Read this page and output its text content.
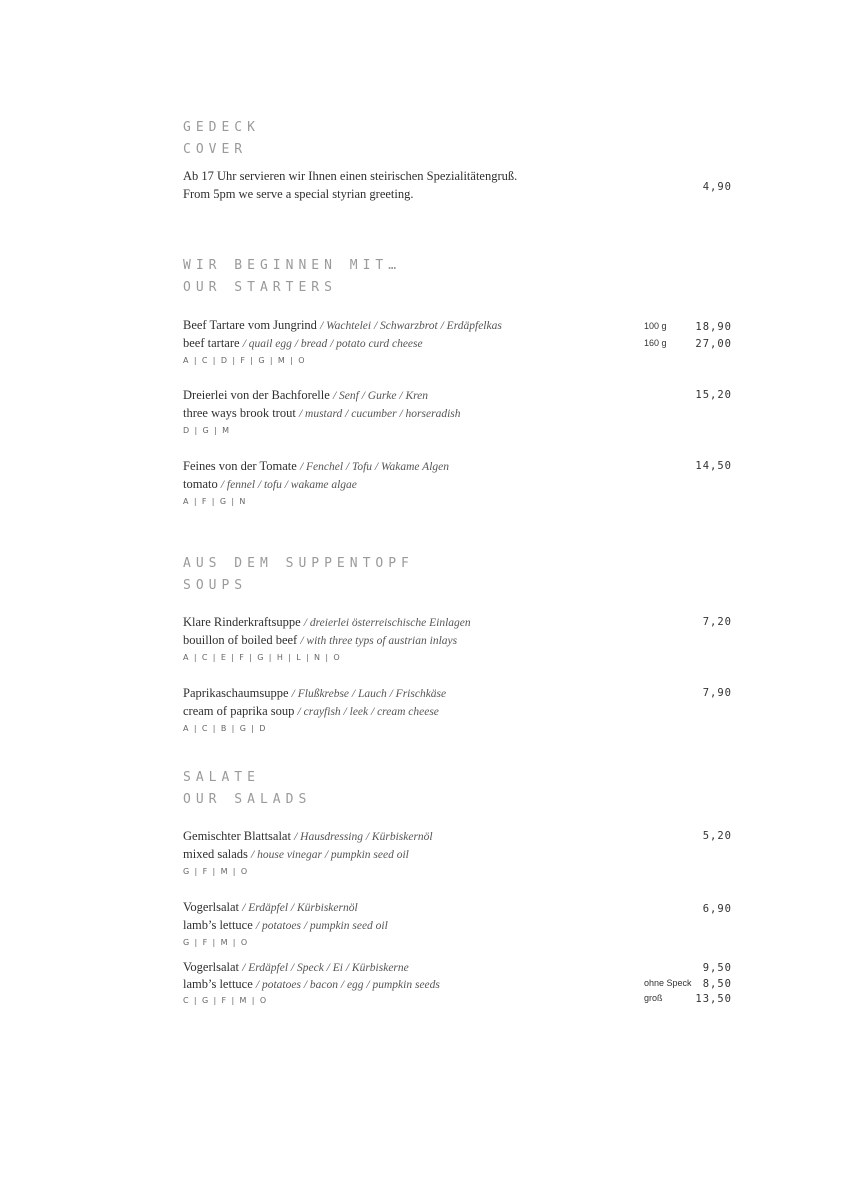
GEDECK
COVER
Ab 17 Uhr servieren wir Ihnen einen steirischen Spezialitätengruß.
From 5pm we serve a special styrian greeting.	4,90
WIR BEGINNEN MIT…
OUR STARTERS
Beef Tartare vom Jungrind / Wachtelei / Schwarzbrot / Erdäpfelkas
beef tartare / quail egg / bread / potato curd cheese
A | C | D | F | G | M | O
100 g	18,90
160 g	27,00
Dreierlei von der Bachforelle / Senf / Gurke / Kren
three ways brook trout / mustard / cucumber / horseradish
D | G | M
15,20
Feines von der Tomate / Fenchel / Tofu / Wakame Algen
tomato / fennel / tofu / wakame algae
A | F | G | N
14,50
AUS DEM SUPPENTOPF
SOUPS
Klare Rinderkraftsuppe / dreierlei österreischische Einlagen
bouillon of boiled beef / with three typs of austrian inlays
A | C | E | F | G | H | L | N | O
7,20
Paprikaschaumsuppe / Flußkrebse / Lauch / Frischkäse
cream of paprika soup / crayfish / leek / cream cheese
A | C | B | G | D
7,90
SALATE
OUR SALADS
Gemischter Blattsalat / Hausdressing / Kürbiskernöl
mixed salads / house vinegar / pumpkin seed oil
G | F | M | O
5,20
Vogerlsalat / Erdäpfel / Kürbiskernöl
lamb’s lettuce / potatoes / pumpkin seed oil
G | F | M | O
6,90
Vogerlsalat / Erdäpfel / Speck / Ei / Kürbiskerne
lamb’s lettuce / potatoes / bacon / egg / pumpkin seeds
C | G | F | M | O
9,50
ohne Speck 8,50
groß	13,50
